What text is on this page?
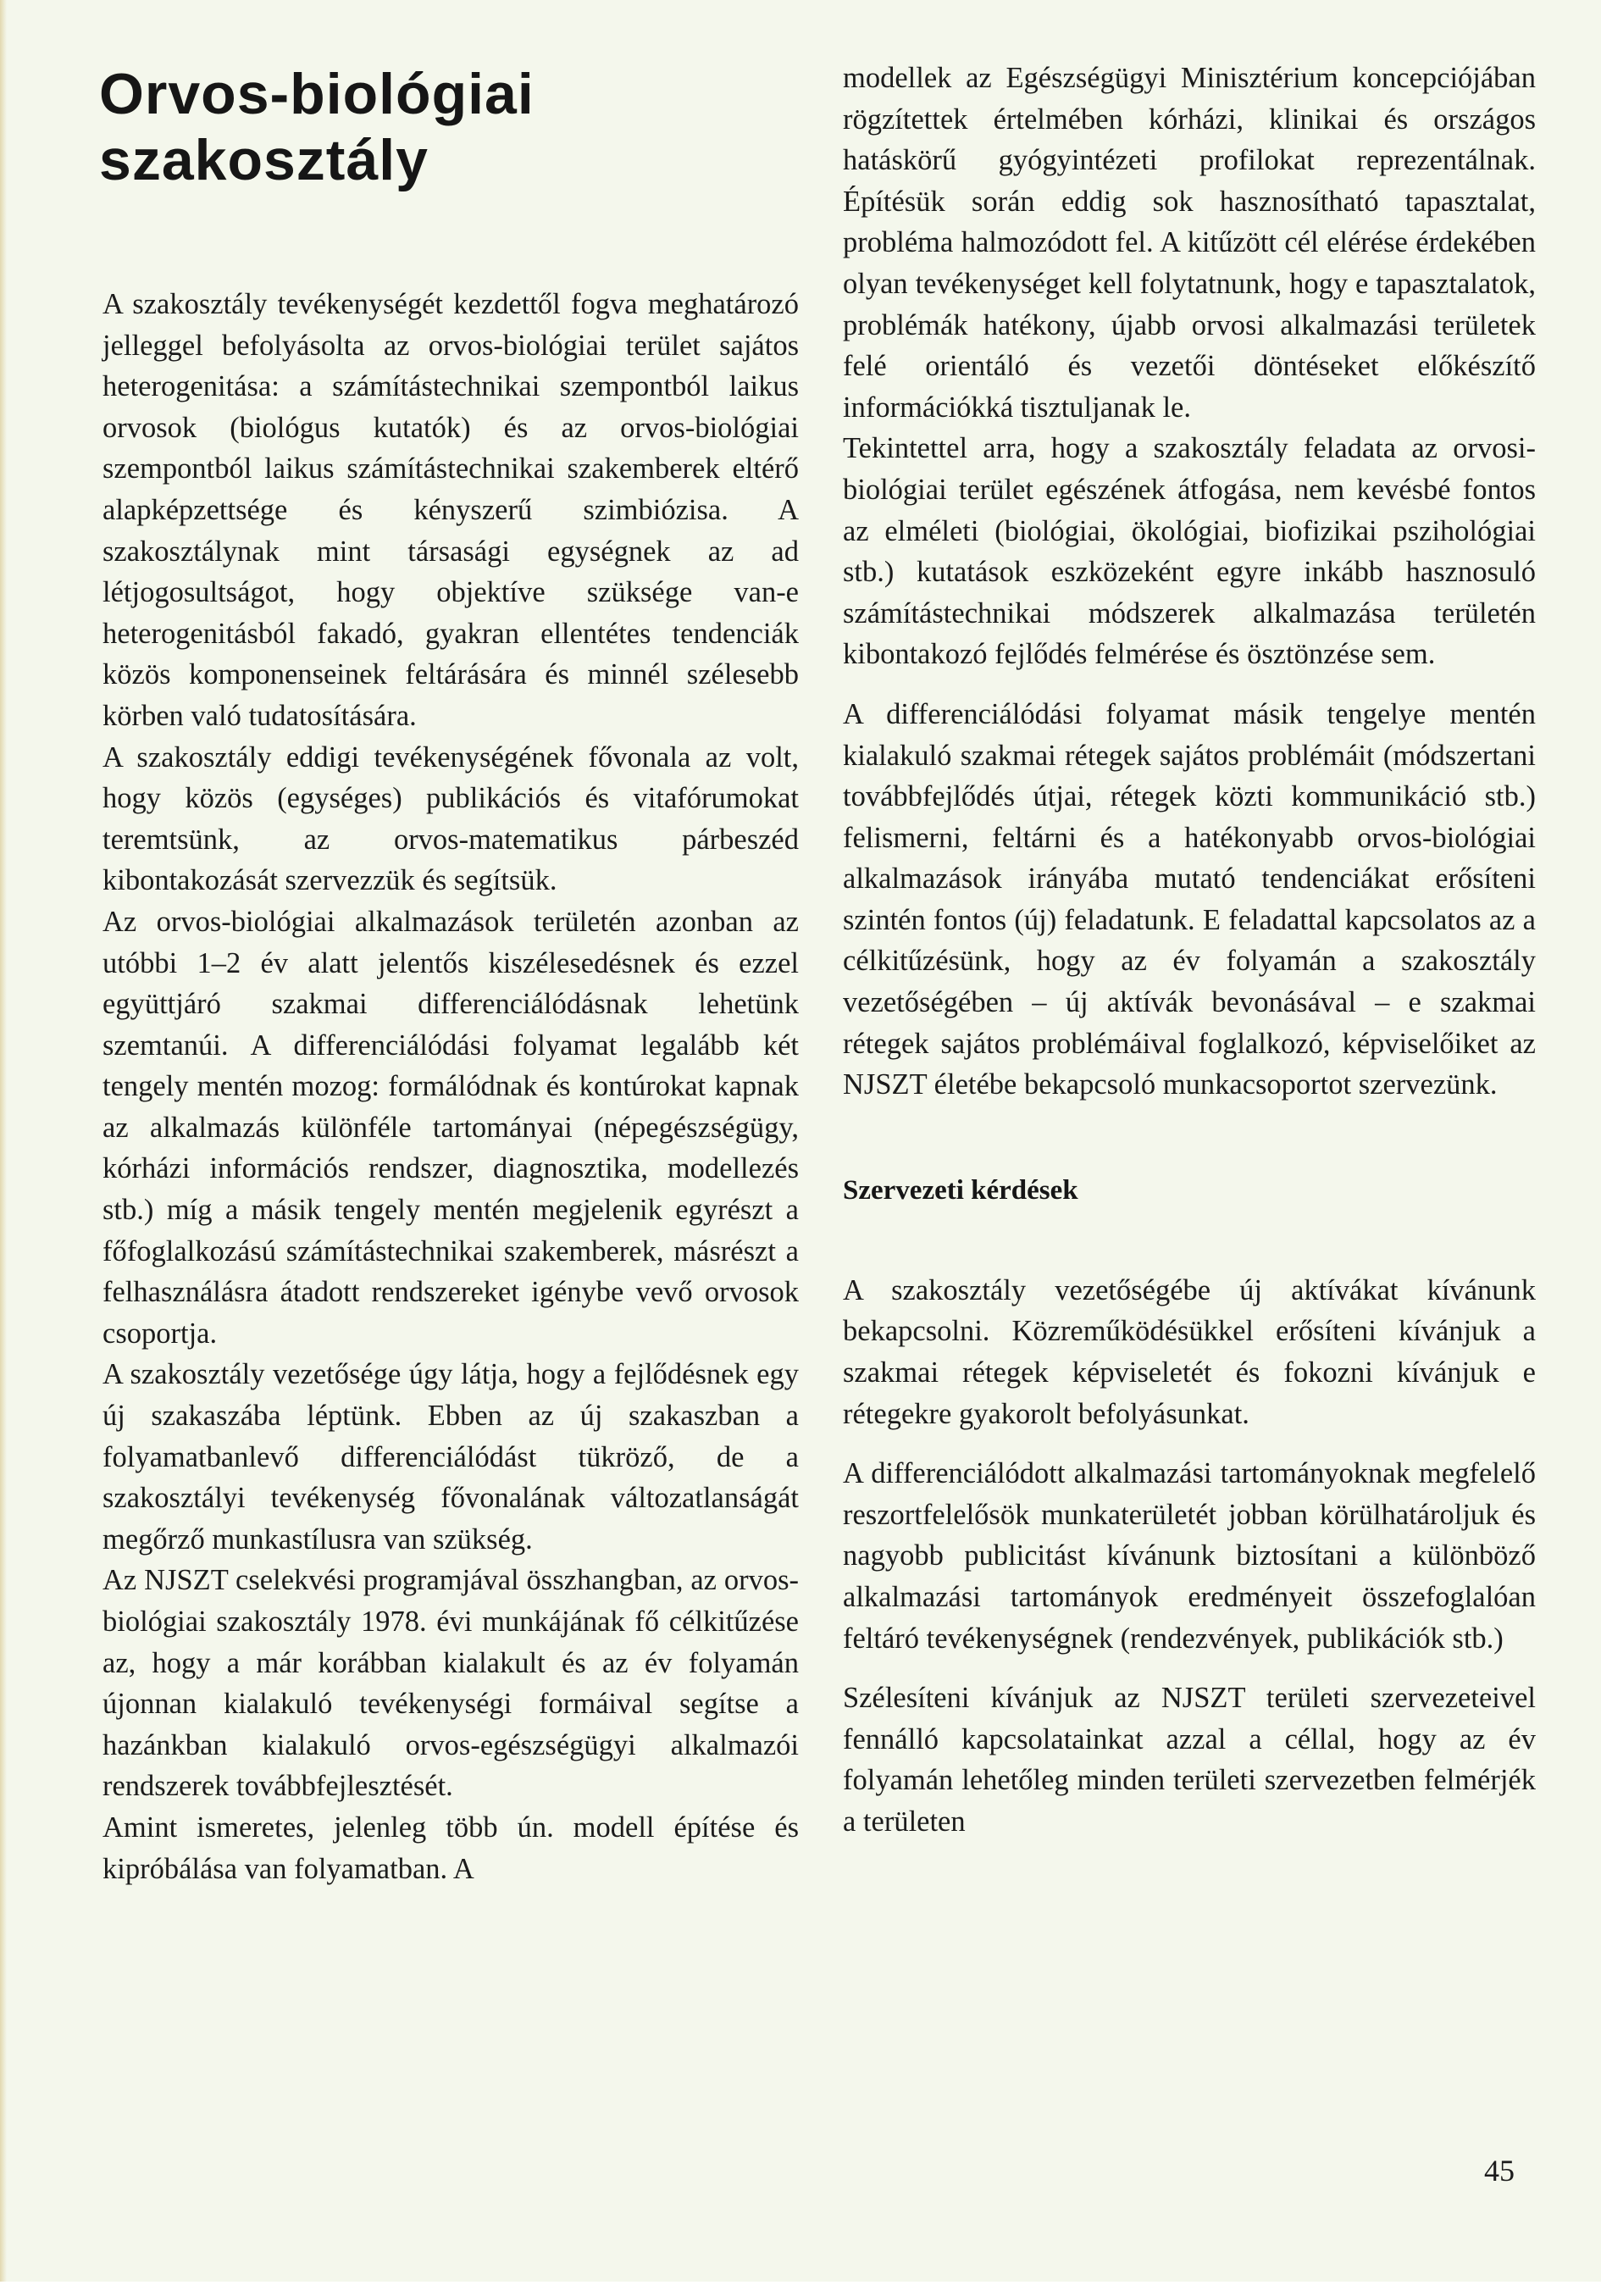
Orvos-biológiai
szakosztály

A szakosztály tevékenységét kezdettől fogva meghatározó jelleggel befolyásolta az orvos-biológiai terület sajátos heterogenitása: a számítástechnikai szempontból laikus orvosok (biológus kutatók) és az orvos-biológiai szempontból laikus számítástechnikai szakemberek eltérő alapképzettsége és kényszerű szimbiózisa. A szakosztálynak mint társasági egységnek az ad létjogosultságot, hogy objektíve szüksége van-e heterogenitásból fakadó, gyakran ellentétes tendenciák közös komponenseinek feltárására és minnél szélesebb körben való tudatosítására.

A szakosztály eddigi tevékenységének fővonala az volt, hogy közös (egységes) publikációs és vitafórumokat teremtsünk, az orvos-matematikus párbeszéd kibontakozását szervezzük és segítsük.

Az orvos-biológiai alkalmazások területén azonban az utóbbi 1–2 év alatt jelentős kiszélesedésnek és ezzel együttjáró szakmai differenciálódásnak lehetünk szemtanúi. A differenciálódási folyamat legalább két tengely mentén mozog: formálódnak és kontúrokat kapnak az alkalmazás különféle tartományai (népegészségügy, kórházi információs rendszer, diagnosztika, modellezés stb.) míg a másik tengely mentén megjelenik egyrészt a főfoglalkozású számítástechnikai szakemberek, másrészt a felhasználásra átadott rendszereket igénybe vevő orvosok csoportja.

A szakosztály vezetősége úgy látja, hogy a fejlődésnek egy új szakaszába léptünk. Ebben az új szakaszban a folyamatbanlevő differenciálódást tükröző, de a szakosztályi tevékenység fővonalának változatlanságát megőrző munkastílusra van szükség.

Az NJSZT cselekvési programjával összhangban, az orvos-biológiai szakosztály 1978. évi munkájának fő célkitűzése az, hogy a már korábban kialakult és az év folyamán újonnan kialakuló tevékenységi formáival segítse a hazánkban kialakuló orvos-egészségügyi alkalmazói rendszerek továbbfejlesztését.

Amint ismeretes, jelenleg több ún. modell építése és kipróbálása van folyamatban. A

modellek az Egészségügyi Minisztérium koncepciójában rögzítettek értelmében kórházi, klinikai és országos hatáskörű gyógyintézeti profilokat reprezentálnak. Építésük során eddig sok hasznosítható tapasztalat, probléma halmozódott fel. A kitűzött cél elérése érdekében olyan tevékenységet kell folytatnunk, hogy e tapasztalatok, problémák hatékony, újabb orvosi alkalmazási területek felé orientáló és vezetői döntéseket előkészítő információkká tisztuljanak le.

Tekintettel arra, hogy a szakosztály feladata az orvosi-biológiai terület egészének átfogása, nem kevésbé fontos az elméleti (biológiai, ökológiai, biofizikai pszihológiai stb.) kutatások eszközeként egyre inkább hasznosuló számítástechnikai módszerek alkalmazása területén kibontakozó fejlődés felmérése és ösztönzése sem.

A differenciálódási folyamat másik tengelye mentén kialakuló szakmai rétegek sajátos problémáit (módszertani továbbfejlődés útjai, rétegek közti kommunikáció stb.) felismerni, feltárni és a hatékonyabb orvos-biológiai alkalmazások irányába mutató tendenciákat erősíteni szintén fontos (új) feladatunk. E feladattal kapcsolatos az a célkitűzésünk, hogy az év folyamán a szakosztály vezetőségében – új aktívák bevonásával – e szakmai rétegek sajátos problémáival foglalkozó, képviselőiket az NJSZT életébe bekapcsoló munkacsoportot szervezünk.

Szervezeti kérdések

A szakosztály vezetőségébe új aktívákat kívánunk bekapcsolni. Közreműködésükkel erősíteni kívánjuk a szakmai rétegek képviseletét és fokozni kívánjuk e rétegekre gyakorolt befolyásunkat.

A differenciálódott alkalmazási tartományoknak megfelelő reszortfelelősök munkaterületét jobban körülhatároljuk és nagyobb publicitást kívánunk biztosítani a különböző alkalmazási tartományok eredményeit összefoglalóan feltáró tevékenységnek (rendezvények, publikációk stb.)

Szélesíteni kívánjuk az NJSZT területi szervezeteivel fennálló kapcsolatainkat azzal a céllal, hogy az év folyamán lehetőleg minden területi szervezetben felmérjék a területen

45
